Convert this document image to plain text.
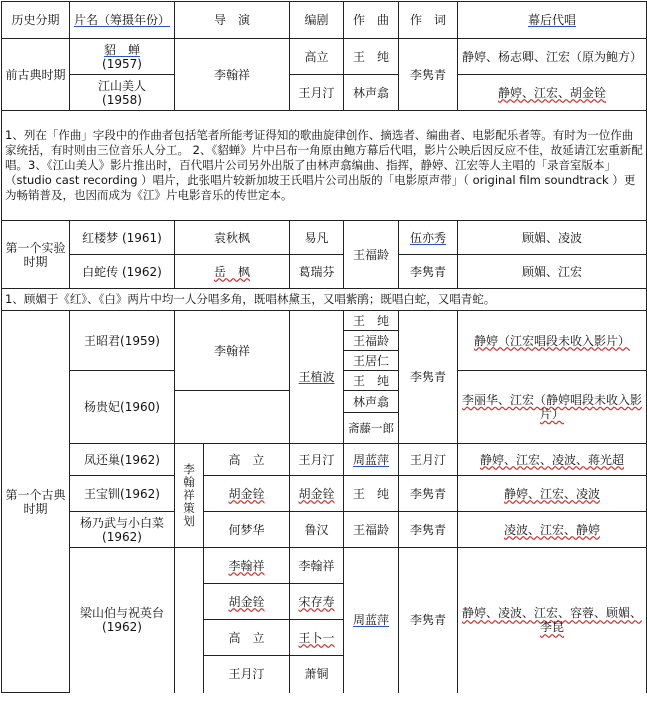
历史分期	片名（筹摄年份）	导　演		编剧	作　曲	作　词	幕后代唱
前古典时期	貂　蝉
(1957)	李翰祥		高立	王　纯	李隽青	静婷、杨志卿、江宏（原为鲍方）
	江山美人
(1958)			王月汀	林声翕		静婷、江宏、胡金铨
1、列在「作曲」字段中的作曲者包括笔者所能考证得知的歌曲旋律创作、摘选者、编曲者、电影配乐者等。有时为一位作曲家统括，有时则由三位音乐人分工。 2、《貂蝉》片中吕布一角原由鲍方幕后代唱，影片公映后因反应不佳，故延请江宏重新配唱。3、《江山美人》影片推出时，百代唱片公司另外出版了由林声翕编曲、指挥，静婷、江宏等人主唱的「录音室版本」（studio cast recording ）唱片，此张唱片较新加坡王氏唱片公司出版的「电影原声带」（ original film soundtrack ）更为畅销普及，也因而成为《江》片电影音乐的传世定本。							
第一个实验时期	红楼梦 (1961)	袁秋枫		易凡	王福龄	伍亦秀	顾媚、凌波
	白蛇传 (1962)	岳　枫		葛瑞芬		李隽青	顾媚、江宏
1、顾媚于《红》、《白》两片中均一人分唱多角，既唱林黛玉，又唱紫鹃；既唱白蛇，又唱青蛇。							
第一个古典时期	王昭君(1959)	李翰祥		王植波	王　纯	李隽青	静婷（江宏唱段未收入影片）
					王福龄		
					王居仁		
	杨贵妃(1960)				王　纯		李丽华、江宏（静婷唱段未收入影片）
					林声翕		
					斋藤一郎		
	凤还巢(1962)	李翰祥策划	高　立	王月汀	周蓝萍	王月汀	静婷、江宏、凌波、蒋光超
	王宝钏(1962)		胡金铨	胡金铨	王　纯	李隽青	静婷、江宏、凌波
	杨乃武与小白菜(1962)		何梦华	鲁汉	王福龄	李隽青	凌波、江宏、静婷
	梁山伯与祝英台(1962)		李翰祥	李翰祥	周蓝萍	李隽青	静婷、凌波、江宏、容蓉、顾媚、李昆
			胡金铨	宋存寿			
			高　立	王卜一			
			王月汀	萧铜			
